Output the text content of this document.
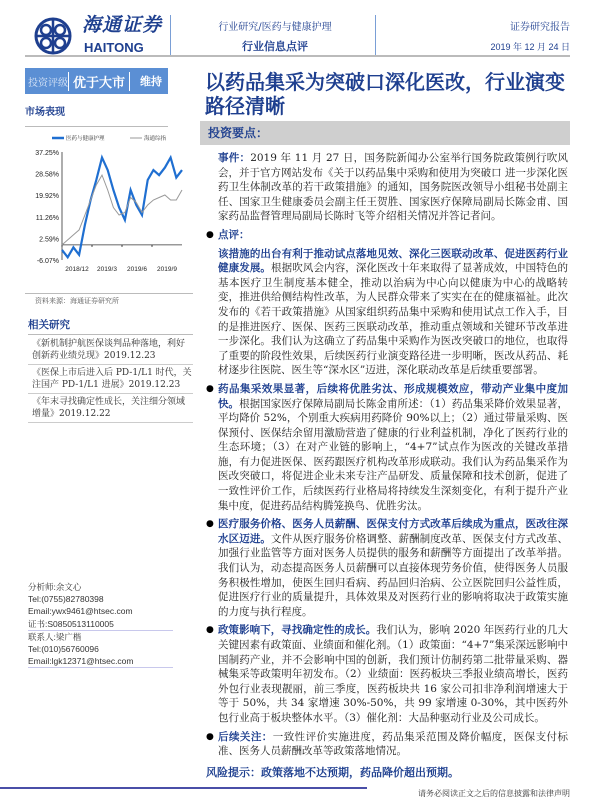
海通证券
HAITONG
行业研究/医药与健康护理
行业信息点评
证券研究报告
2019 年 12 月 24 日
投资评级 优于大市	维持
市场表现
37.25%
28.58%
19.92%
11.26%
2.59%
-6.07%
2018/12 2019/3 2019/6 2019/9
医药与健康护理	海通综指
资料来源：海通证券研究所
相关研究
《新机制护航医保谈判品种落地，利好创新药业绩兑现》2019.12.23
《医保上市后进入后 PD-1/L1 时代，关注国产 PD-1/L1 进展》2019.12.23
《年末寻找确定性成长，关注细分领域增量》2019.12.22
分析师:余文心
Tel:(0755)82780398
Email:ywx9461@htsec.com
证书:S0850513110005
联系人:梁广楷
Tel:(010)56760096
Email:lgk12371@htsec.com
以药品集采为突破口深化医改，行业演变路径清晰
投资要点：
事件：2019 年 11 月 27 日，国务院新闻办公室举行国务院政策例行吹风会，并于官方网站发布《关于以药品集中采购和使用为突破口 进一步深化医药卫生体制改革的若干政策措施》的通知，国务院医改领导小组秘书处副主任、国家卫生健康委员会副主任王贺胜、国家医疗保障局副局长陈金甫、国家药品监督管理局副局长陈时飞等介绍相关情况并答记者问。
● 点评：
该措施的出台有利于推动试点落地见效、深化三医联动改革、促进医药行业健康发展。根据吹风会内容，深化医改十年来取得了显著成效，中国特色的基本医疗卫生制度基本健全，推动以治病为中心向以健康为中心的战略转变，推进供给侧结构性改革，为人民群众带来了实实在在的健康福祉。此次发布的《若干政策措施》从国家组织药品集中采购和使用试点工作入手，目的是推进医疗、医保、医药三医联动改革，推动重点领域和关键环节改革进一步深化。我们认为这确立了药品集中采购作为医改突破口的地位，也取得了重要的阶段性效果，后续医药行业演变路径进一步明晰，医改从药品、耗材逐步往医院、医生等“深水区”迈进，深化联动改革是后续重要部署。
● 药品集采效果显著，后续将优胜劣汰、形成规模效应，带动产业集中度加快。根据国家医疗保障局副局长陈金甫所述：（1）药品集采降价效果显著，平均降价 52%，个别重大疾病用药降价 90%以上；（2）通过带量采购、医保预付、医保结余留用激励营造了健康的行业利益机制，净化了医药行业的生态环境；（3）在对产业链的影响上，“4+7”试点作为医改的关键改革措施，有力促进医保、医药跟医疗机构改革形成联动。我们认为药品集采作为医改突破口，将促进企业未来专注产品研发、质量保障和技术创新，促进了一致性评价工作，后续医药行业格局将持续发生深刻变化，有利于提升产业集中度，促进药品结构腾笼换鸟、优胜劣汰。
● 医疗服务价格、医务人员薪酬、医保支付方式改革后续成为重点，医改往深水区迈进。文件从医疗服务价格调整、薪酬制度改革、医保支付方式改革、加强行业监管等方面对医务人员提供的服务和薪酬等方面提出了改革举措。我们认为，动态提高医务人员薪酬可以直接体现劳务价值，使得医务人员服务积极性增加，使医生回归看病、药品回归治病、公立医院回归公益性质，促进医疗行业的质量提升，具体效果及对医药行业的影响将取决于政策实施的力度与执行程度。
● 政策影响下，寻找确定性的成长。我们认为，影响 2020 年医药行业的几大关键因素有政策面、业绩面和催化剂。（1）政策面：“4+7”集采深远影响中国制药产业，并不会影响中国的创新，我们预计仿制药第二批带量采购、器械集采等政策明年初发布。（2）业绩面：医药板块三季报业绩高增长，医药外包行业表现靓丽，前三季度，医药板块共 16 家公司扣非净利润增速大于等于 50%，共 34 家增速 30%-50%，共 99 家增速 0-30%，其中医药外包行业高于板块整体水平。（3）催化剂：大品种驱动行业及公司成长。
● 后续关注：一致性评价实施进度，药品集采范围及降价幅度，医保支付标准、医务人员薪酬改革等政策落地情况。
风险提示：政策落地不达预期，药品降价超出预期。
请务必阅读正文之后的信息披露和法律声明
